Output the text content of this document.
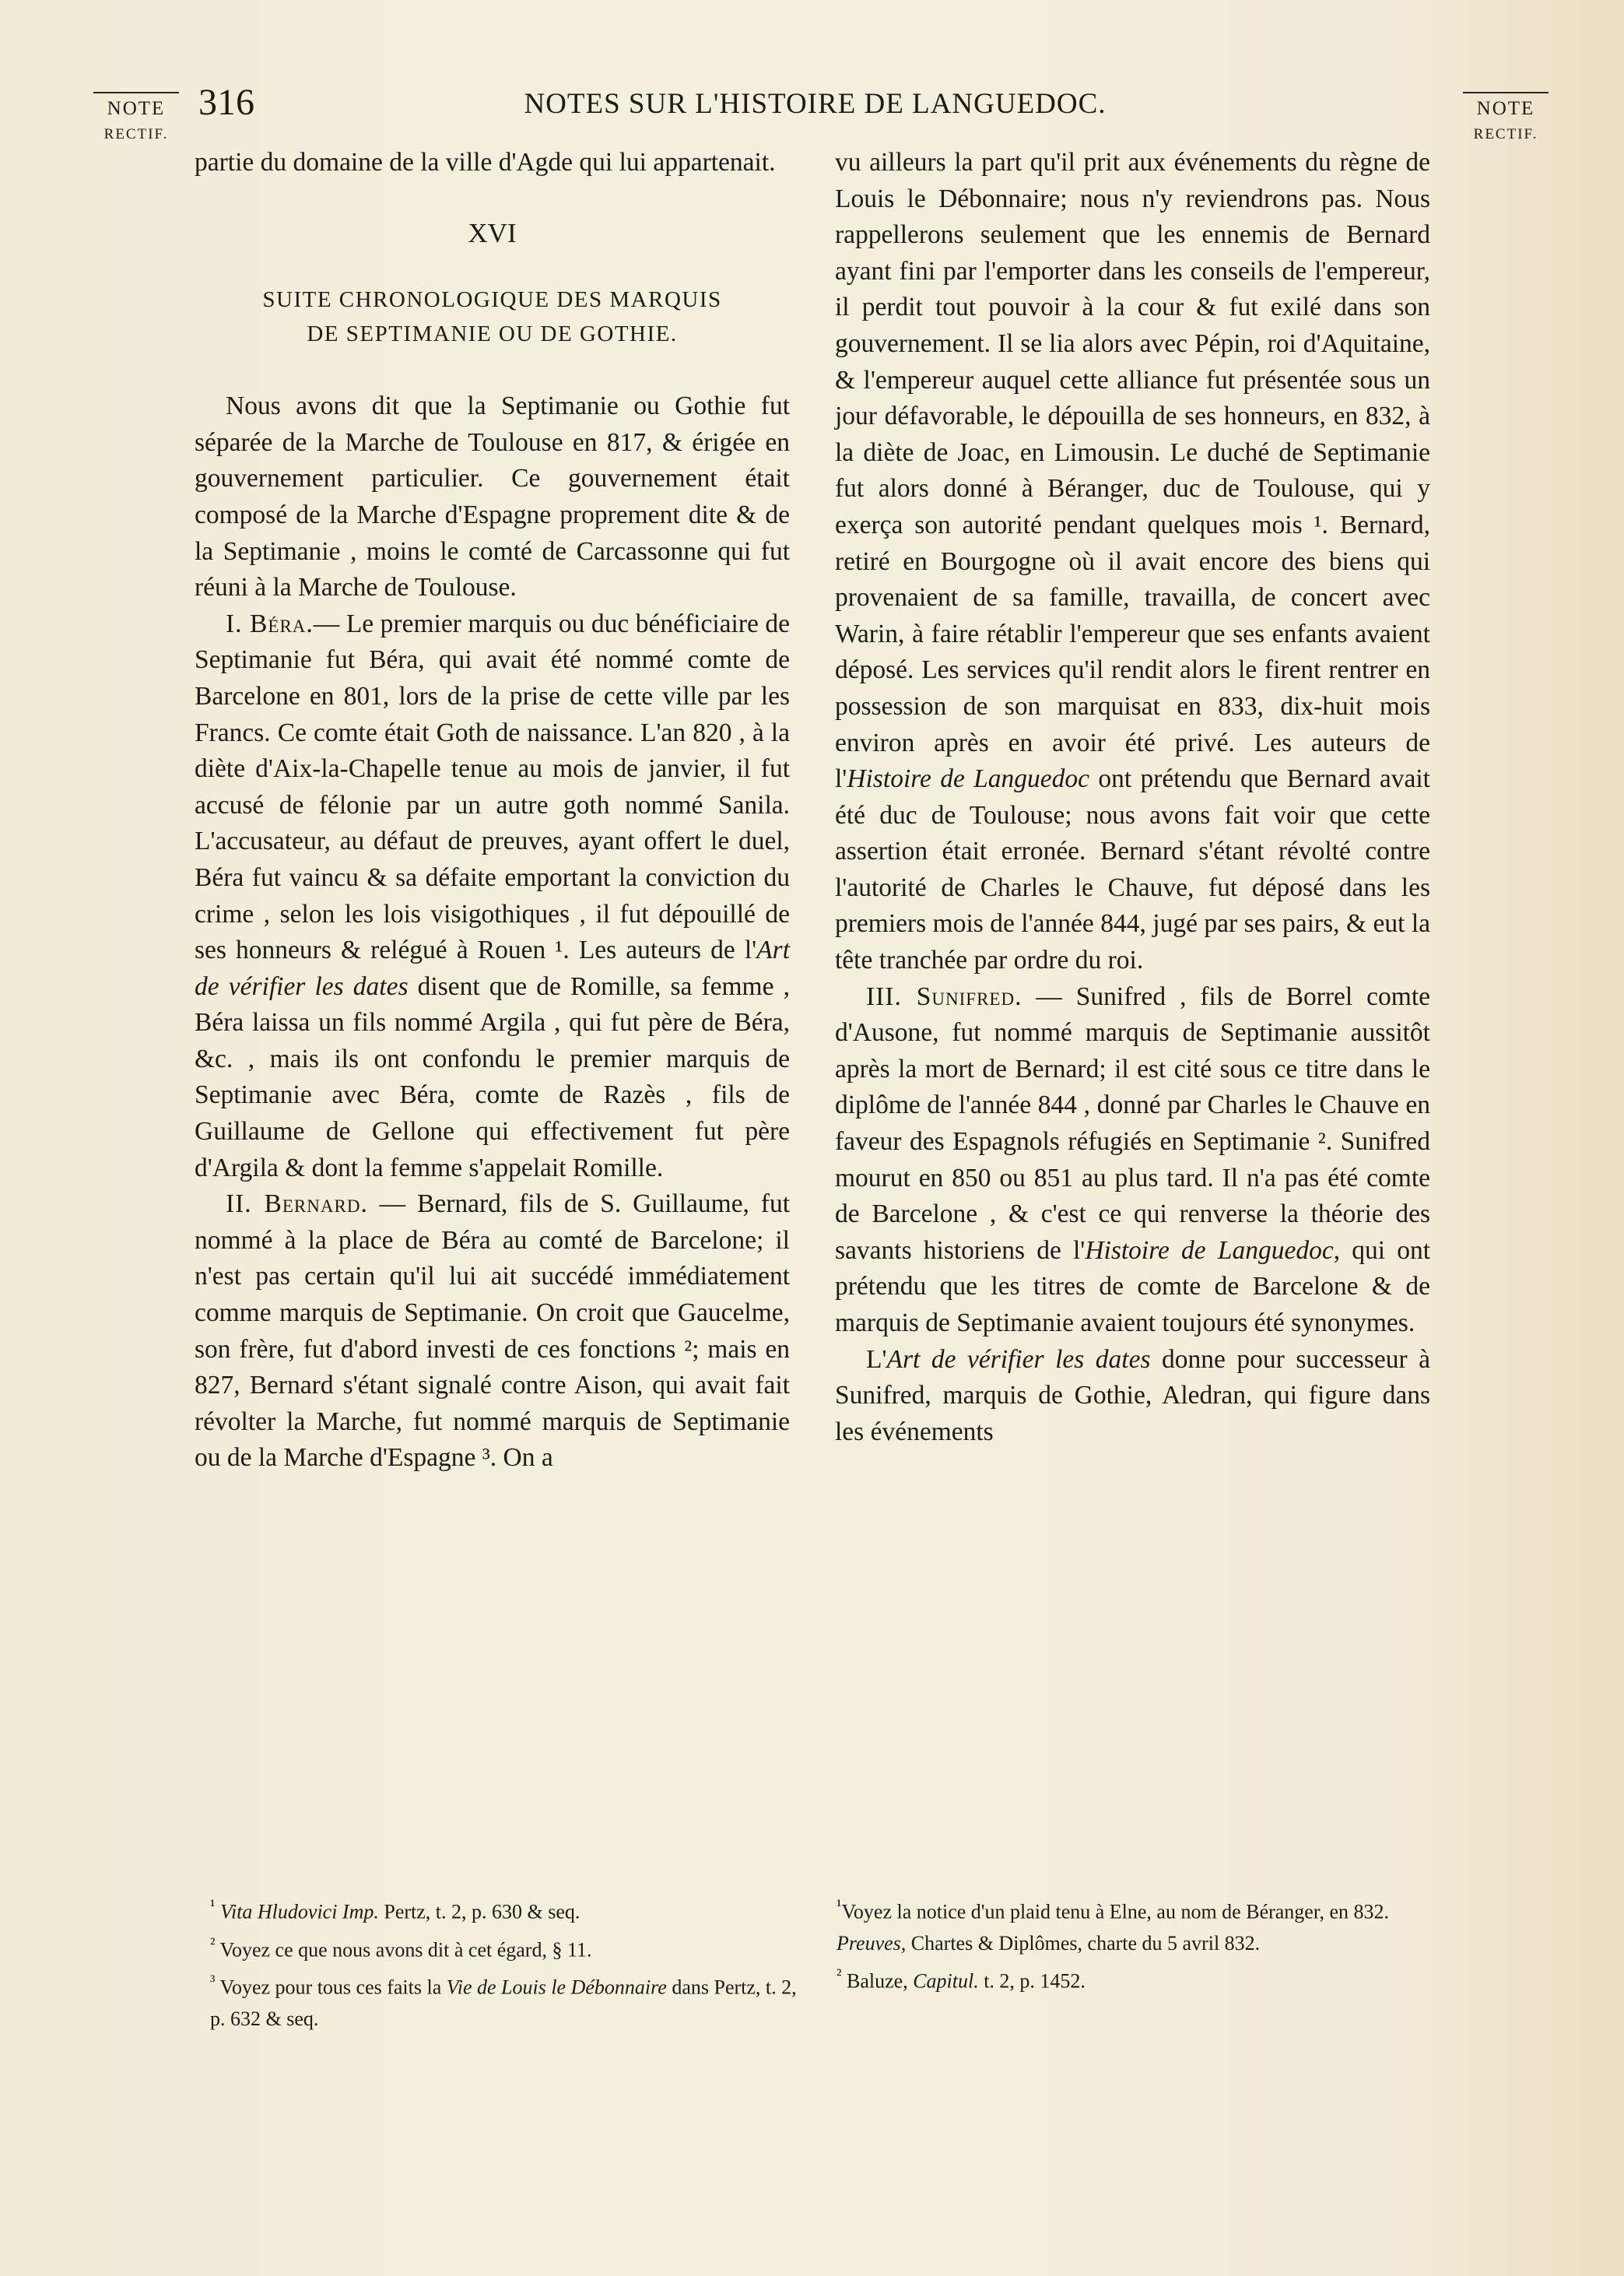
NOTE
RECTIF.
NOTE
RECTIF.
316	NOTES SUR L'HISTOIRE DE LANGUEDOC.

partie du domaine de la ville d'Agde qui lui appartenait.

XVI

SUITE CHRONOLOGIQUE DES MARQUIS
DE SEPTIMANIE OU DE GOTHIE.

Nous avons dit que la Septimanie ou Gothie fut séparée de la Marche de Toulouse en 817, & érigée en gouvernement particulier. Ce gouvernement était composé de la Marche d'Espagne proprement dite & de la Septimanie , moins le comté de Carcassonne qui fut réuni à la Marche de Toulouse.

I. Béra.— Le premier marquis ou duc bénéficiaire de Septimanie fut Béra, qui avait été nommé comte de Barcelone en 801, lors de la prise de cette ville par les Francs. Ce comte était Goth de naissance. L'an 820 , à la diète d'Aix-la-Chapelle tenue au mois de janvier, il fut accusé de félonie par un autre goth nommé Sanila. L'accusateur, au défaut de preuves, ayant offert le duel, Béra fut vaincu & sa défaite emportant la conviction du crime , selon les lois visigothiques , il fut dépouillé de ses honneurs & relégué à Rouen ¹. Les auteurs de l'Art de vérifier les dates disent que de Romille, sa femme , Béra laissa un fils nommé Argila , qui fut père de Béra, &c. , mais ils ont confondu le premier marquis de Septimanie avec Béra, comte de Razès , fils de Guillaume de Gellone qui effectivement fut père d'Argila & dont la femme s'appelait Romille.

II. Bernard. — Bernard, fils de S. Guillaume, fut nommé à la place de Béra au comté de Barcelone; il n'est pas certain qu'il lui ait succédé immédiatement comme marquis de Septimanie. On croit que Gaucelme, son frère, fut d'abord investi de ces fonctions ²; mais en 827, Bernard s'étant signalé contre Aison, qui avait fait révolter la Marche, fut nommé marquis de Septimanie ou de la Marche d'Espagne ³. On a

vu ailleurs la part qu'il prit aux événements du règne de Louis le Débonnaire; nous n'y reviendrons pas. Nous rappellerons seulement que les ennemis de Bernard ayant fini par l'emporter dans les conseils de l'empereur, il perdit tout pouvoir à la cour & fut exilé dans son gouvernement. Il se lia alors avec Pépin, roi d'Aquitaine, & l'empereur auquel cette alliance fut présentée sous un jour défavorable, le dépouilla de ses honneurs, en 832, à la diète de Joac, en Limousin. Le duché de Septimanie fut alors donné à Béranger, duc de Toulouse, qui y exerça son autorité pendant quelques mois ¹. Bernard, retiré en Bourgogne où il avait encore des biens qui provenaient de sa famille, travailla, de concert avec Warin, à faire rétablir l'empereur que ses enfants avaient déposé. Les services qu'il rendit alors le firent rentrer en possession de son marquisat en 833, dix-huit mois environ après en avoir été privé. Les auteurs de l'Histoire de Languedoc ont prétendu que Bernard avait été duc de Toulouse; nous avons fait voir que cette assertion était erronée. Bernard s'étant révolté contre l'autorité de Charles le Chauve, fut déposé dans les premiers mois de l'année 844, jugé par ses pairs, & eut la tête tranchée par ordre du roi.

III. Sunifred. — Sunifred , fils de Borrel comte d'Ausone, fut nommé marquis de Septimanie aussitôt après la mort de Bernard; il est cité sous ce titre dans le diplôme de l'année 844 , donné par Charles le Chauve en faveur des Espagnols réfugiés en Septimanie ². Sunifred mourut en 850 ou 851 au plus tard. Il n'a pas été comte de Barcelone , & c'est ce qui renverse la théorie des savants historiens de l'Histoire de Languedoc, qui ont prétendu que les titres de comte de Barcelone & de marquis de Septimanie avaient toujours été synonymes.

L'Art de vérifier les dates donne pour successeur à Sunifred, marquis de Gothie, Aledran, qui figure dans les événements

$^{^1}$ Vita Hludovici Imp. Pertz, t. 2, p. 630 & seq.

$^{^2}$ Voyez ce que nous avons dit à cet égard, § 11.

$^{^3}$ Voyez pour tous ces faits la Vie de Louis le Débonnaire dans Pertz, t. 2, p. 632 & seq.

$^{^1}$Voyez la notice d'un plaid tenu à Elne, au nom de Béranger, en 832. Preuves, Chartes & Diplômes, charte du 5 avril 832.

$^{^2}$ Baluze, Capitul. t. 2, p. 1452.
